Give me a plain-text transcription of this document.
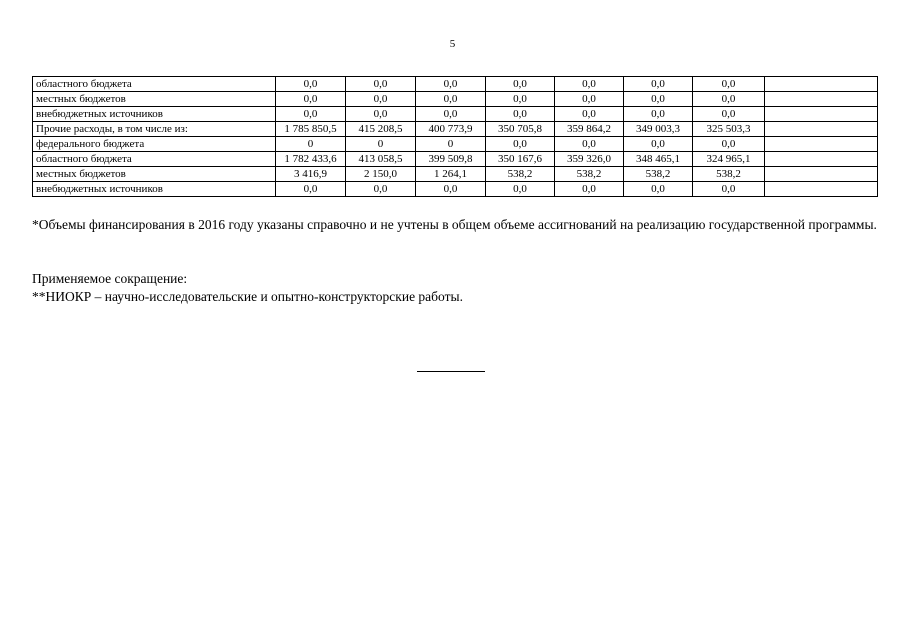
5
областного бюджета	0,0	0,0	0,0	0,0	0,0	0,0	0,0	
местных бюджетов	0,0	0,0	0,0	0,0	0,0	0,0	0,0	
внебюджетных источников	0,0	0,0	0,0	0,0	0,0	0,0	0,0	
Прочие расходы, в том числе из:	1 785 850,5	415 208,5	400 773,9	350 705,8	359 864,2	349 003,3	325 503,3	
федерального бюджета	0	0	0	0,0	0,0	0,0	0,0	
областного бюджета	1 782 433,6	413 058,5	399 509,8	350 167,6	359 326,0	348 465,1	324 965,1	
местных бюджетов	3 416,9	2 150,0	1 264,1	538,2	538,2	538,2	538,2	
внебюджетных источников	0,0	0,0	0,0	0,0	0,0	0,0	0,0	
*Объемы финансирования в 2016 году указаны справочно и не учтены в общем объеме ассигнований на реализацию государственной программы.
Применяемое сокращение:
**НИОКР – научно-исследовательские и опытно-конструкторские работы.
